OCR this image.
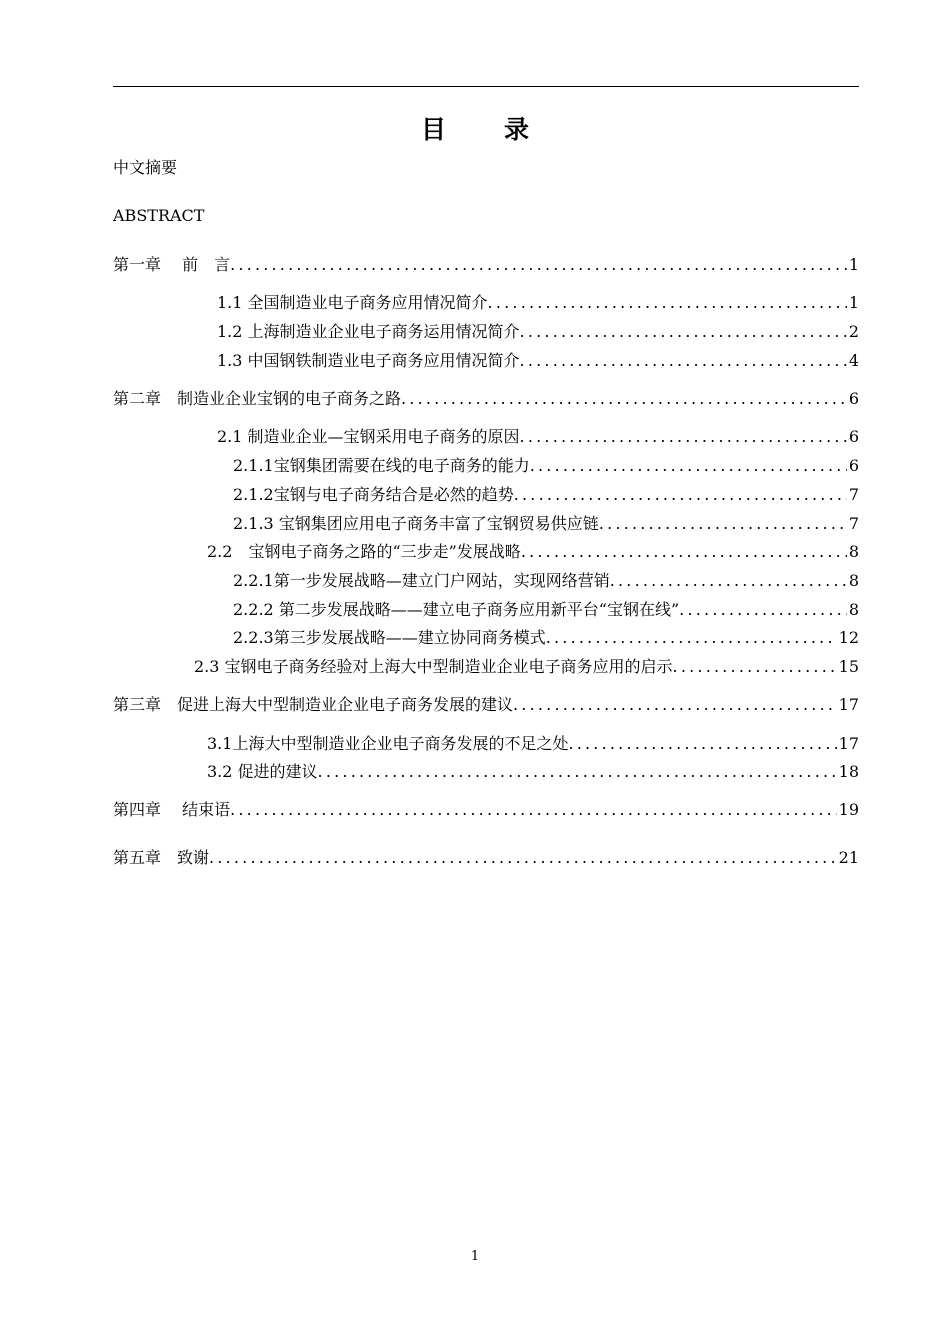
目录
中文摘要
ABSTRACT
第一章　 前　言 .....	1
1.1 全国制造业电子商务应用情况简介 .....	1
1.2 上海制造业企业电子商务运用情况简介 .....	2
1.3 中国钢铁制造业电子商务应用情况简介 .....	4
第二章　制造业企业宝钢的电子商务之路 .....	6
2.1 制造业企业—宝钢采用电子商务的原因 .....	6
2.1.1宝钢集团需要在线的电子商务的能力 .....	6
2.1.2宝钢与电子商务结合是必然的趋势 .....	7
2.1.3 宝钢集团应用电子商务丰富了宝钢贸易供应链 .....	7
2.2　宝钢电子商务之路的“三步走”发展战略 .....	8
2.2.1第一步发展战略—建立门户网站，实现网络营销 .....	8
2.2.2 第二步发展战略——建立电子商务应用新平台“宝钢在线” .....	8
2.2.3第三步发展战略——建立协同商务模式 .....	12
2.3 宝钢电子商务经验对上海大中型制造业企业电子商务应用的启示 .....	15
第三章　促进上海大中型制造业企业电子商务发展的建议 .....	17
3.1上海大中型制造业企业电子商务发展的不足之处 .....	17
3.2 促进的建议 .....	18
第四章　 结束语 .....	19
第五章　致谢 .....	21
1
